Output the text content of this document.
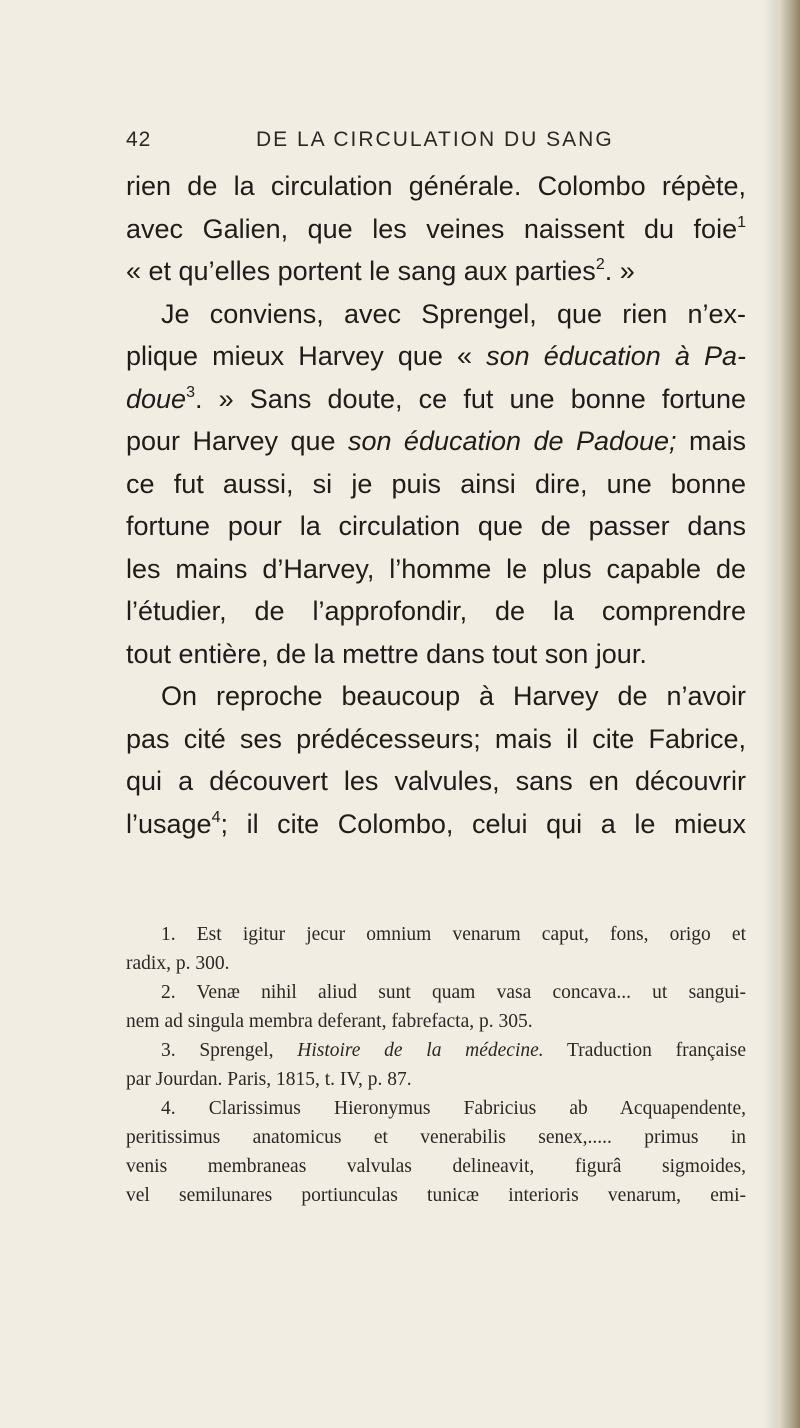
42	DE LA CIRCULATION DU SANG
rien de la circulation générale. Colombo répète,
avec Galien, que les veines naissent du foie$^1$
« et qu’elles portent le sang aux parties$^2$. »
Je conviens, avec Sprengel, que rien n’ex-
plique mieux Harvey que « son éducation à Pa-
doue$^3$. » Sans doute, ce fut une bonne fortune
pour Harvey que son éducation de Padoue; mais
ce fut aussi, si je puis ainsi dire, une bonne
fortune pour la circulation que de passer dans
les mains d’Harvey, l’homme le plus capable de
l’étudier, de l’approfondir, de la comprendre
tout entière, de la mettre dans tout son jour.
On reproche beaucoup à Harvey de n’avoir
pas cité ses prédécesseurs; mais il cite Fabrice,
qui a découvert les valvules, sans en découvrir
l’usage$^4$; il cite Colombo, celui qui a le mieux
1. Est igitur jecur omnium venarum caput, fons, origo et
radix, p. 300.
2. Venæ nihil aliud sunt quam vasa concava... ut sangui-
nem ad singula membra deferant, fabrefacta, p. 305.
3. Sprengel, Histoire de la médecine. Traduction française
par Jourdan. Paris, 1815, t. IV, p. 87.
4. Clarissimus Hieronymus Fabricius ab Acquapendente,
peritissimus anatomicus et venerabilis senex,..... primus in
venis membraneas valvulas delineavit, figurâ sigmoides,
vel semilunares portiunculas tunicæ interioris venarum, emi-
